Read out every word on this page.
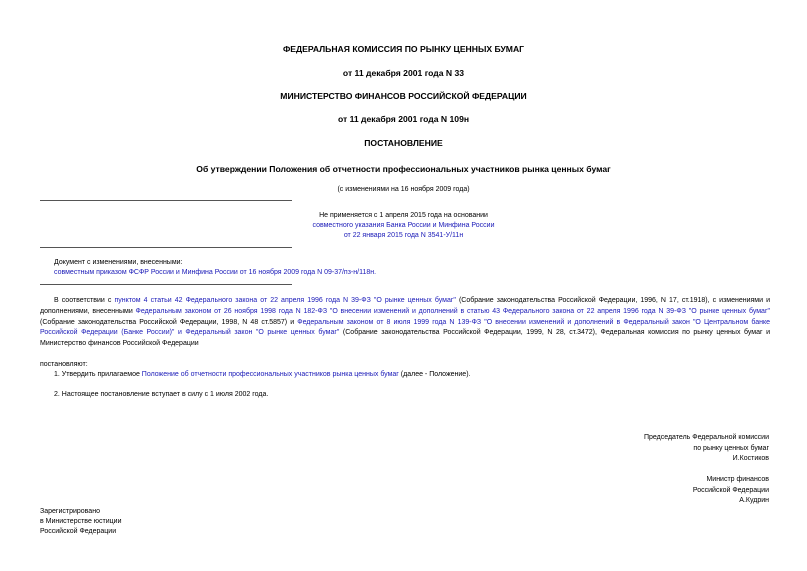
ФЕДЕРАЛЬНАЯ КОМИССИЯ ПО РЫНКУ ЦЕННЫХ БУМАГ
от 11 декабря 2001 года N 33
МИНИСТЕРСТВО ФИНАНСОВ РОССИЙСКОЙ ФЕДЕРАЦИИ
от 11 декабря 2001 года N 109н
ПОСТАНОВЛЕНИЕ
Об утверждении Положения об отчетности профессиональных участников рынка ценных бумаг
(с изменениями на 16 ноября 2009 года)
Не применяется с 1 апреля 2015 года на основании
совместного указания Банка России и Минфина России
от 22 января 2015 года N 3541-У/11н
Документ с изменениями, внесенными:
совместным приказом ФСФР России и Минфина России от 16 ноября 2009 года N 09-37/пз-н/118н.
В соответствии с пунктом 4 статьи 42 Федерального закона от 22 апреля 1996 года N 39-ФЗ "О рынке ценных бумаг" (Собрание законодательства Российской Федерации, 1996, N 17, ст.1918), с изменениями и дополнениями, внесенными Федеральным законом от 26 ноября 1998 года N 182-ФЗ "О внесении изменений и дополнений в статью 43 Федерального закона от 22 апреля 1996 года N 39-ФЗ "О рынке ценных бумаг" (Собрание законодательства Российской Федерации, 1998, N 48 ст.5857) и Федеральным законом от 8 июля 1999 года N 139-ФЗ "О внесении изменений и дополнений в Федеральный закон "О Центральном банке Российской Федерации (Банке России)" и Федеральный закон "О рынке ценных бумаг" (Собрание законодательства Российской Федерации, 1999, N 28, ст.3472), Федеральная комиссия по рынку ценных бумаг и Министерство финансов Российской Федерации
постановляют:
1. Утвердить прилагаемое Положение об отчетности профессиональных участников рынка ценных бумаг (далее - Положение).
2. Настоящее постановление вступает в силу с 1 июля 2002 года.
Председатель Федеральной комиссии
по рынку ценных бумаг
И.Костиков
Министр финансов
Российской Федерации
А.Кудрин
Зарегистрировано
в Министерстве юстиции
Российской Федерации
